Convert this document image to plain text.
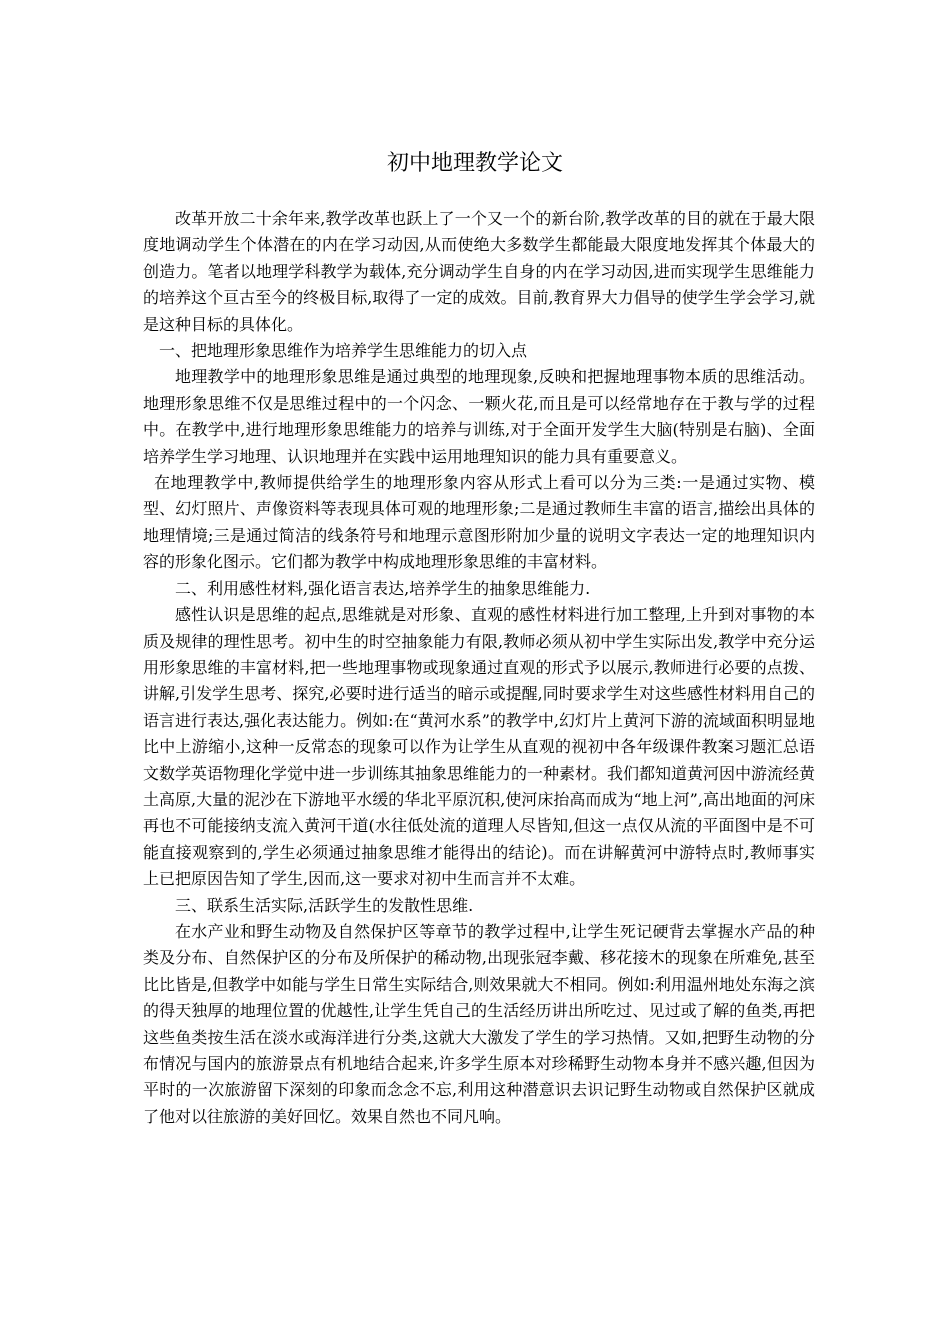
初中地理教学论文

改革开放二十余年来,教学改革也跃上了一个又一个的新台阶,教学改革的目的就在于最大限度地调动学生个体潜在的内在学习动因,从而使绝大多数学生都能最大限度地发挥其个体最大的创造力。笔者以地理学科教学为载体,充分调动学生自身的内在学习动因,进而实现学生思维能力的培养这个亘古至今的终极目标,取得了一定的成效。目前,教育界大力倡导的使学生学会学习,就是这种目标的具体化。

一、把地理形象思维作为培养学生思维能力的切入点

地理教学中的地理形象思维是通过典型的地理现象,反映和把握地理事物本质的思维活动。地理形象思维不仅是思维过程中的一个闪念、一颗火花,而且是可以经常地存在于教与学的过程中。在教学中,进行地理形象思维能力的培养与训练,对于全面开发学生大脑(特别是右脑)、全面培养学生学习地理、认识地理并在实践中运用地理知识的能力具有重要意义。

在地理教学中,教师提供给学生的地理形象内容从形式上看可以分为三类:一是通过实物、模型、幻灯照片、声像资料等表现具体可观的地理形象;二是通过教师生丰富的语言,描绘出具体的地理情境;三是通过简洁的线条符号和地理示意图形附加少量的说明文字表达一定的地理知识内容的形象化图示。它们都为教学中构成地理形象思维的丰富材料。

二、利用感性材料,强化语言表达,培养学生的抽象思维能力.

感性认识是思维的起点,思维就是对形象、直观的感性材料进行加工整理,上升到对事物的本质及规律的理性思考。初中生的时空抽象能力有限,教师必须从初中学生实际出发,教学中充分运用形象思维的丰富材料,把一些地理事物或现象通过直观的形式予以展示,教师进行必要的点拨、讲解,引发学生思考、探究,必要时进行适当的暗示或提醒,同时要求学生对这些感性材料用自己的语言进行表达,强化表达能力。例如:在“黄河水系”的教学中,幻灯片上黄河下游的流域面积明显地比中上游缩小,这种一反常态的现象可以作为让学生从直观的视初中各年级课件教案习题汇总语文数学英语物理化学觉中进一步训练其抽象思维能力的一种素材。我们都知道黄河因中游流经黄土高原,大量的泥沙在下游地平水缓的华北平原沉积,使河床抬高而成为“地上河”,高出地面的河床再也不可能接纳支流入黄河干道(水往低处流的道理人尽皆知,但这一点仅从流的平面图中是不可能直接观察到的,学生必须通过抽象思维才能得出的结论)。而在讲解黄河中游特点时,教师事实上已把原因告知了学生,因而,这一要求对初中生而言并不太难。

三、联系生活实际,活跃学生的发散性思维.

在水产业和野生动物及自然保护区等章节的教学过程中,让学生死记硬背去掌握水产品的种类及分布、自然保护区的分布及所保护的稀动物,出现张冠李戴、移花接木的现象在所难免,甚至比比皆是,但教学中如能与学生日常生实际结合,则效果就大不相同。例如:利用温州地处东海之滨的得天独厚的地理位置的优越性,让学生凭自己的生活经历讲出所吃过、见过或了解的鱼类,再把这些鱼类按生活在淡水或海洋进行分类,这就大大激发了学生的学习热情。又如,把野生动物的分布情况与国内的旅游景点有机地结合起来,许多学生原本对珍稀野生动物本身并不感兴趣,但因为平时的一次旅游留下深刻的印象而念念不忘,利用这种潜意识去识记野生动物或自然保护区就成了他对以往旅游的美好回忆。效果自然也不同凡响。
